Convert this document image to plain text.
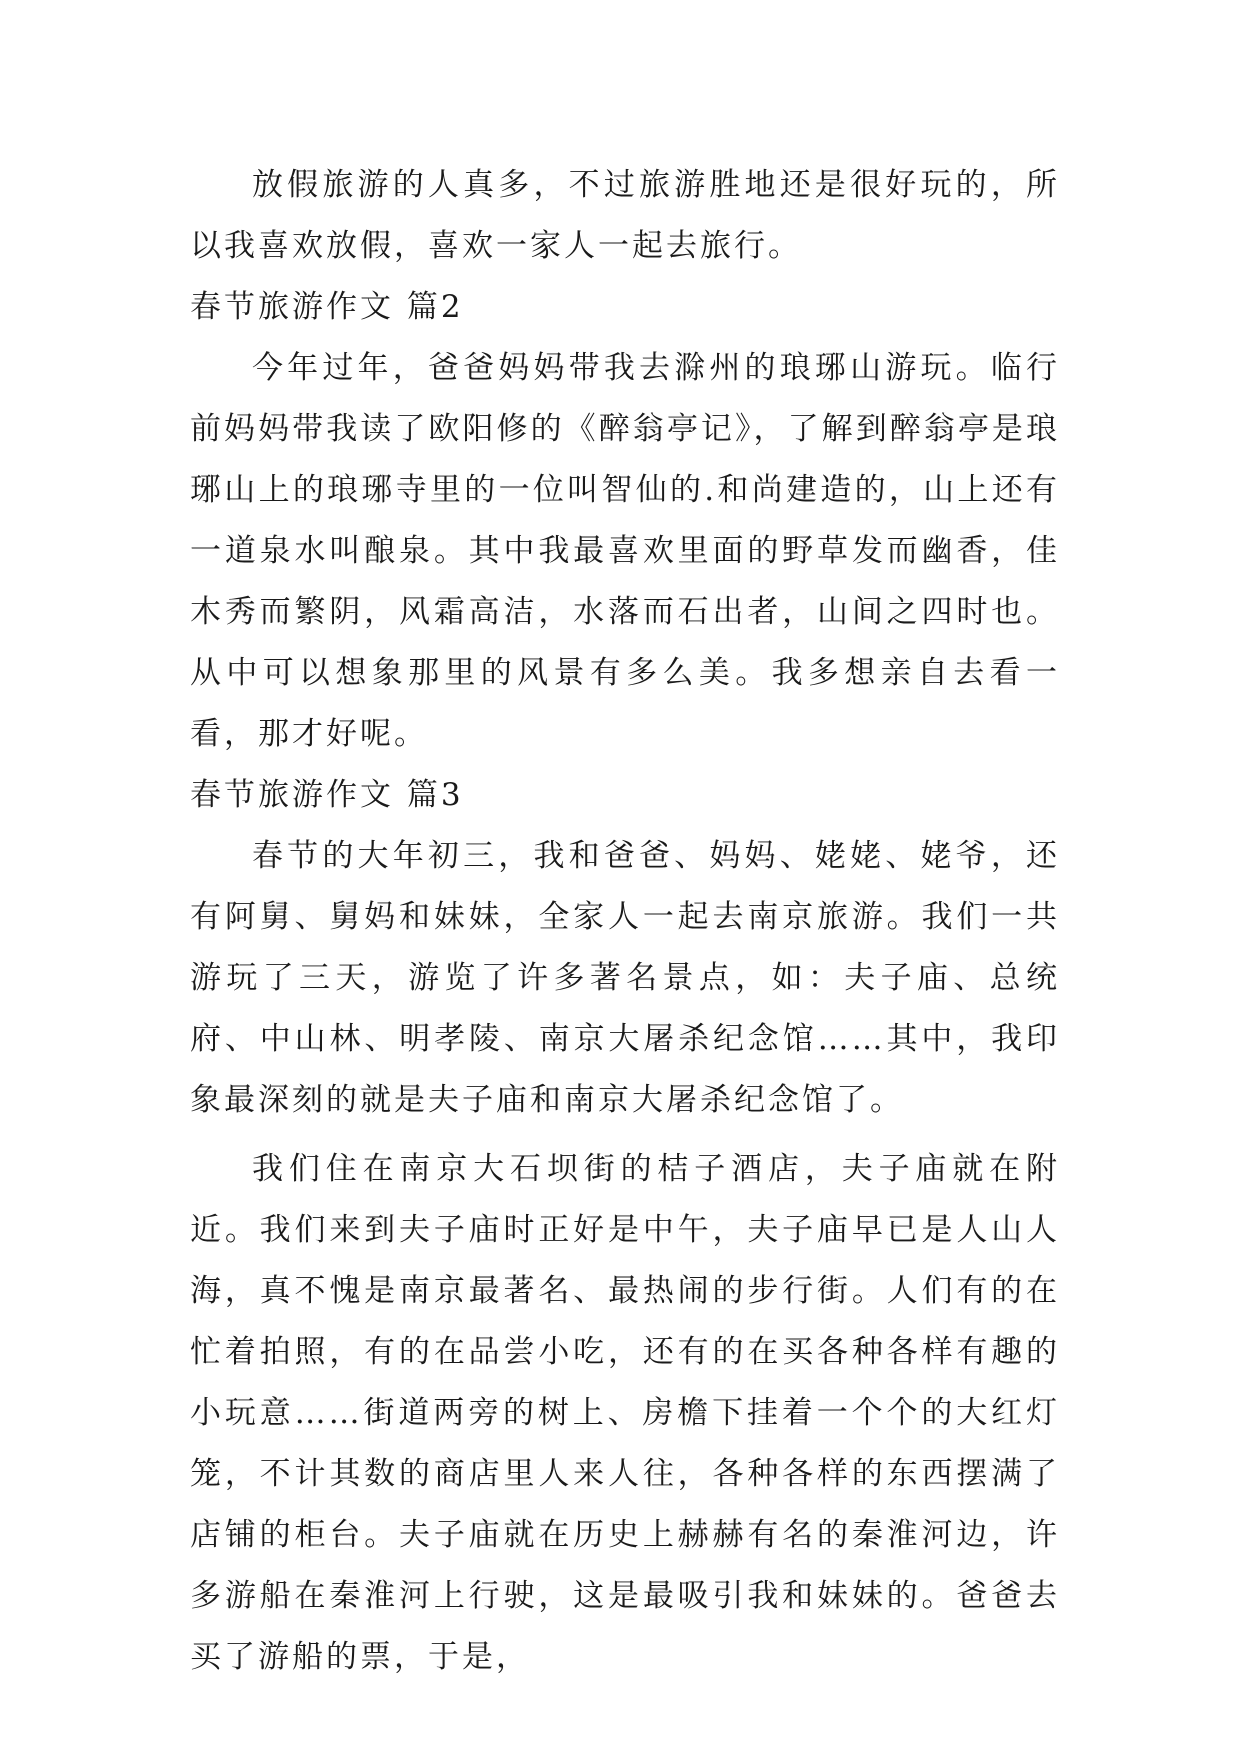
放假旅游的人真多，不过旅游胜地还是很好玩的，所以我喜欢放假，喜欢一家人一起去旅行。

春节旅游作文 篇2

今年过年，爸爸妈妈带我去滁州的琅琊山游玩。临行前妈妈带我读了欧阳修的《醉翁亭记》，了解到醉翁亭是琅琊山上的琅琊寺里的一位叫智仙的.和尚建造的，山上还有一道泉水叫酿泉。其中我最喜欢里面的野草发而幽香，佳木秀而繁阴，风霜高洁，水落而石出者，山间之四时也。从中可以想象那里的风景有多么美。我多想亲自去看一看，那才好呢。

春节旅游作文 篇3

春节的大年初三，我和爸爸、妈妈、姥姥、姥爷，还有阿舅、舅妈和妹妹，全家人一起去南京旅游。我们一共游玩了三天，游览了许多著名景点，如：夫子庙、总统府、中山林、明孝陵、南京大屠杀纪念馆……其中，我印象最深刻的就是夫子庙和南京大屠杀纪念馆了。

我们住在南京大石坝街的桔子酒店，夫子庙就在附近。我们来到夫子庙时正好是中午，夫子庙早已是人山人海，真不愧是南京最著名、最热闹的步行街。人们有的在忙着拍照，有的在品尝小吃，还有的在买各种各样有趣的小玩意……街道两旁的树上、房檐下挂着一个个的大红灯笼，不计其数的商店里人来人往，各种各样的东西摆满了店铺的柜台。夫子庙就在历史上赫赫有名的秦淮河边，许多游船在秦淮河上行驶，这是最吸引我和妹妹的。爸爸去买了游船的票，于是，
